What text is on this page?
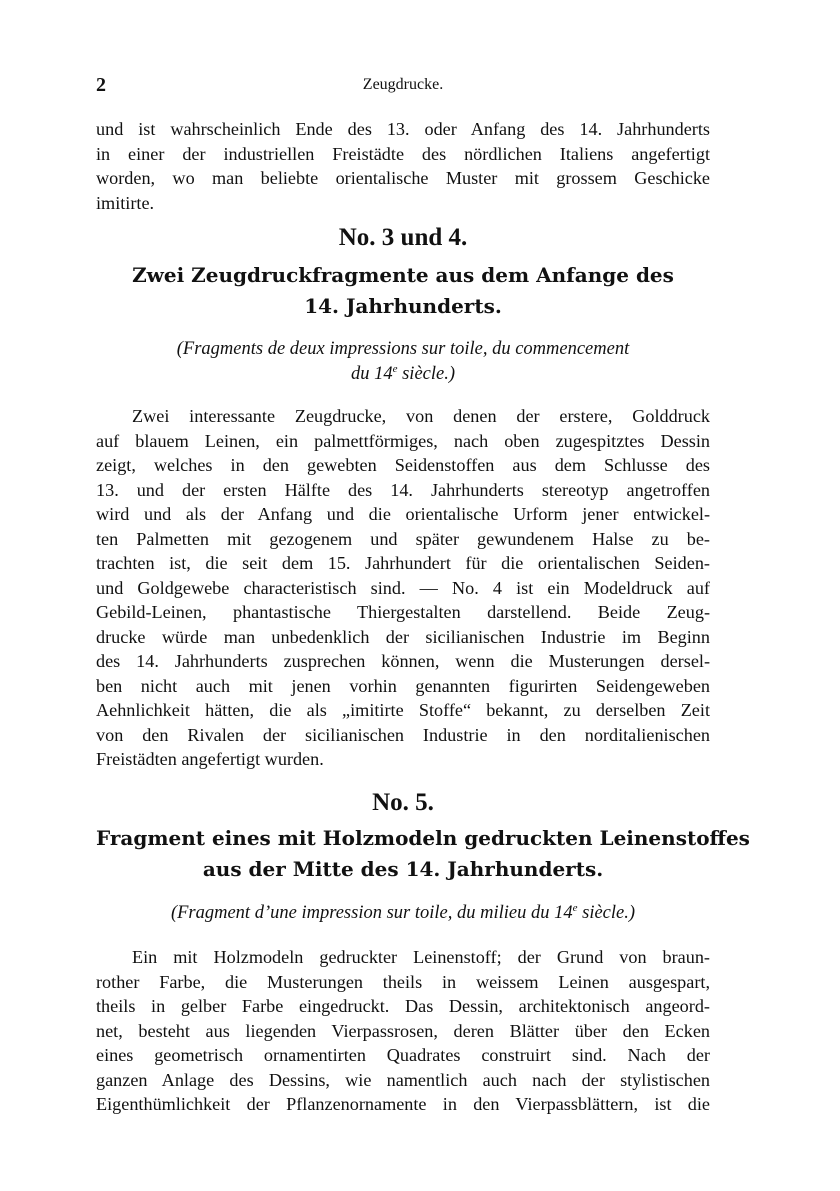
2	Zeugdrucke.
und ist wahrscheinlich Ende des 13. oder Anfang des 14. Jahrhunderts
in einer der industriellen Freistädte des nördlichen Italiens angefertigt
worden, wo man beliebte orientalische Muster mit grossem Geschicke
imitirte.
No. 3 und 4.
Zwei Zeugdruckfragmente aus dem Anfange des
14. Jahrhunderts.
(Fragments de deux impressions sur toile, du commencement
du 14e siècle.)
Zwei interessante Zeugdrucke, von denen der erstere, Golddruck
auf blauem Leinen, ein palmettförmiges, nach oben zugespitztes Dessin
zeigt, welches in den gewebten Seidenstoffen aus dem Schlusse des
13. und der ersten Hälfte des 14. Jahrhunderts stereotyp angetroffen
wird und als der Anfang und die orientalische Urform jener entwickel-
ten Palmetten mit gezogenem und später gewundenem Halse zu be-
trachten ist, die seit dem 15. Jahrhundert für die orientalischen Seiden-
und Goldgewebe characteristisch sind. — No. 4 ist ein Modeldruck auf
Gebild-Leinen, phantastische Thiergestalten darstellend. Beide Zeug-
drucke würde man unbedenklich der sicilianischen Industrie im Beginn
des 14. Jahrhunderts zusprechen können, wenn die Musterungen dersel-
ben nicht auch mit jenen vorhin genannten figurirten Seidengeweben
Aehnlichkeit hätten, die als „imitirte Stoffe“ bekannt, zu derselben Zeit
von den Rivalen der sicilianischen Industrie in den norditalienischen
Freistädten angefertigt wurden.
No. 5.
Fragment eines mit Holzmodeln gedruckten Leinenstoffes
aus der Mitte des 14. Jahrhunderts.
(Fragment d’une impression sur toile, du milieu du 14e siècle.)
Ein mit Holzmodeln gedruckter Leinenstoff; der Grund von braun-
rother Farbe, die Musterungen theils in weissem Leinen ausgespart,
theils in gelber Farbe eingedruckt. Das Dessin, architektonisch angeord-
net, besteht aus liegenden Vierpassrosen, deren Blätter über den Ecken
eines geometrisch ornamentirten Quadrates construirt sind. Nach der
ganzen Anlage des Dessins, wie namentlich auch nach der stylistischen
Eigenthümlichkeit der Pflanzenornamente in den Vierpassblättern, ist die
